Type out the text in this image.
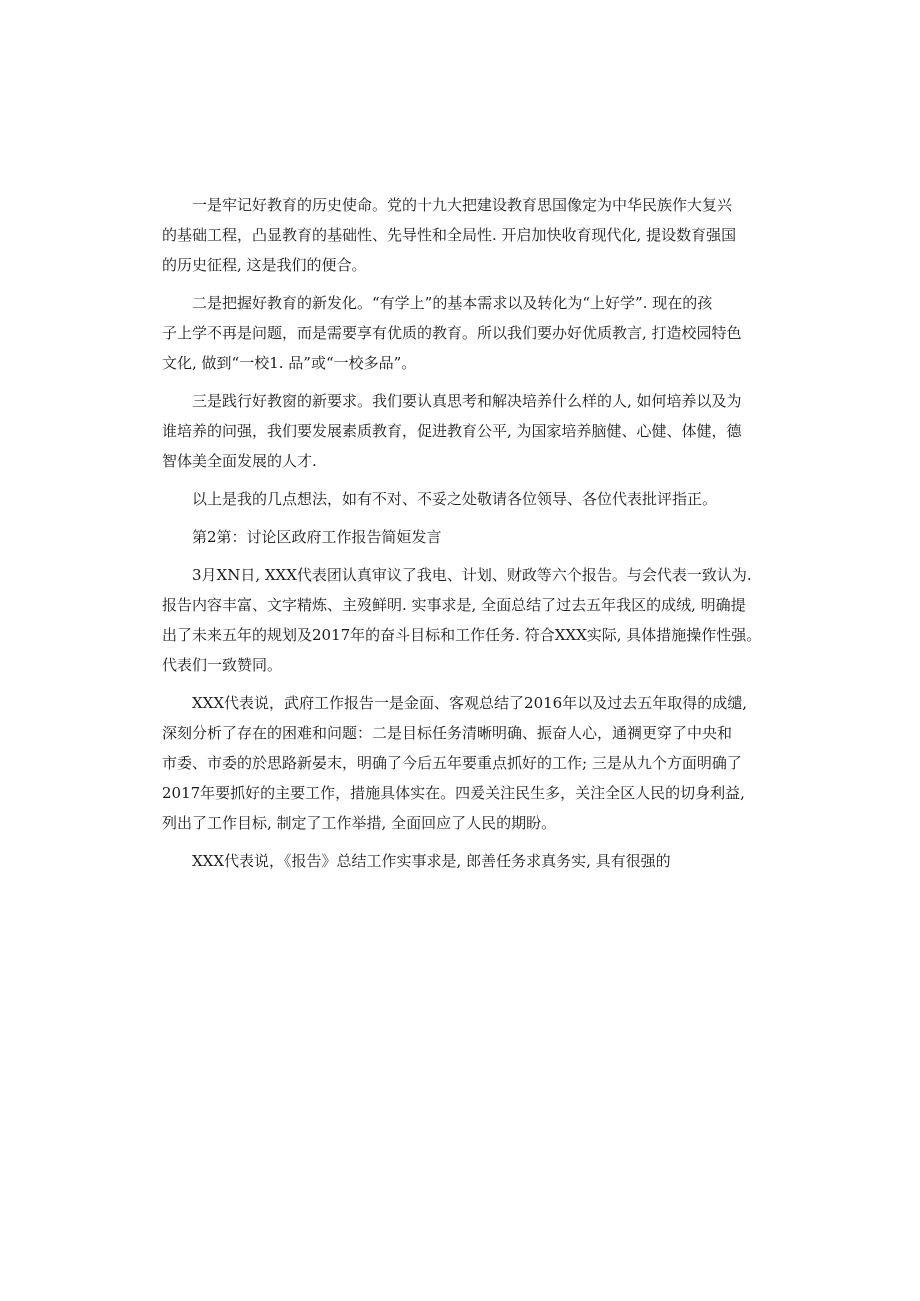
一是牢记好教育的历史使命。党的十九大把建设教育思国像定为中华民族作大复兴
的基础工程，凸显教育的基础性、先导性和全局性. 开启加快收育现代化, 提设数育强国
的历史征程, 这是我们的便合。
二是把握好教育的新发化。“有学上”的基本需求以及转化为“上好学”. 现在的孩
子上学不再是问题，而是需要享有优质的教育。所以我们要办好优质教言, 打造校园特色
文化, 做到“一校1. 品”或“一校多品”。
三是践行好教窗的新要求。我们要认真思考和解决培养什么样的人, 如何培养以及为
谁培养的问强，我们要发展素质教育，促进教育公平, 为国家培养脑健、心健、体健，德
智体美全面发展的人才.
以上是我的几点想法，如有不对、不妥之处敬请各位领导、各位代表批评指正。
第2第：讨论区政府工作报告简姮发言
3月XN日, XXX代表团认真审议了我电、计划、财政等六个报告。与会代表一致认为.
报告内容丰富、文字精炼、主歿鲜明. 实事求是, 全面总结了过去五年我区的成绒, 明确提
出了未来五年的规划及2017年的奋斗目标和工作任务. 符合XXX实际, 具体措施操作性强。
代表们一致赞同。
XXX代表说，武府工作报告一是金面、客观总结了2016年以及过去五年取得的成缱,
深刻分析了存在的困难和问题：二是目标任务清晰明确、振奋人心，通禂更穿了中央和
市委、市委的於思路新晏末，明确了今后五年要重点抓好的工作; 三是从九个方面明确了
2017年要抓好的主要工作，措施具体实在。四爰关注民生多，关注全区人民的切身利益,
列出了工作目标, 制定了工作举措, 全面回应了人民的期盼。
XXX代表说，《报告》总结工作实事求是, 郎善任务求真务实, 具有很强的
